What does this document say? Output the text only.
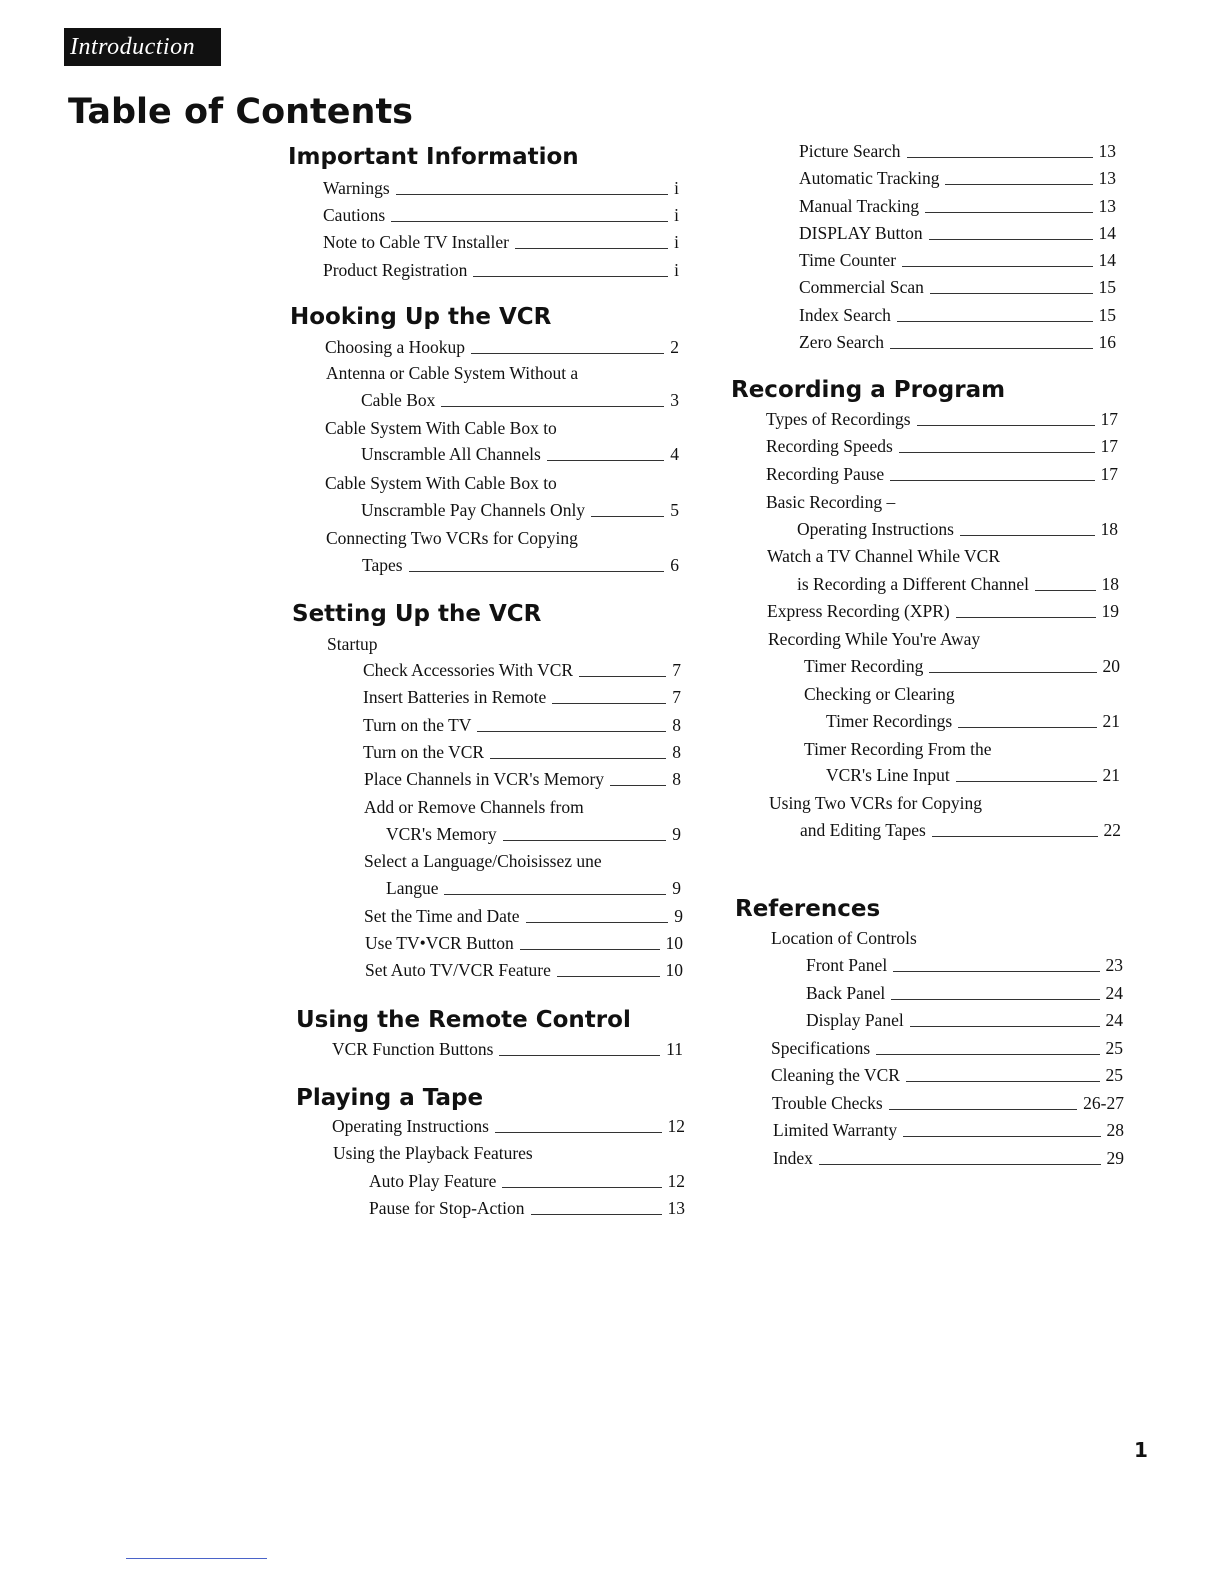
Introduction
Table of Contents
Important Information
Warnings	i
Cautions	i
Note to Cable TV Installer	i
Product Registration	i
Hooking Up the VCR
Choosing a Hookup	2
Antenna or Cable System Without a
Cable Box	3
Cable System With Cable Box to
Unscramble All Channels	4
Cable System With Cable Box to
Unscramble Pay Channels Only	5
Connecting Two VCRs for Copying
Tapes	6
Setting Up the VCR
Startup
Check Accessories With VCR	7
Insert Batteries in Remote	7
Turn on the TV	8
Turn on the VCR	8
Place Channels in VCR's Memory	8
Add or Remove Channels from
VCR's Memory	9
Select a Language/Choisissez une
Langue	9
Set the Time and Date	9
Use TV•VCR Button	10
Set Auto TV/VCR Feature	10
Using the Remote Control
VCR Function Buttons	11
Playing a Tape
Operating Instructions	12
Using the Playback Features
Auto Play Feature	12
Pause for Stop-Action	13
Picture Search	13
Automatic Tracking	13
Manual Tracking	13
DISPLAY Button	14
Time Counter	14
Commercial Scan	15
Index Search	15
Zero Search	16
Recording a Program
Types of Recordings	17
Recording Speeds	17
Recording Pause	17
Basic Recording –
Operating Instructions	18
Watch a TV Channel While VCR
is Recording a Different Channel	18
Express Recording (XPR)	19
Recording While You're Away
Timer Recording	20
Checking or Clearing
Timer Recordings	21
Timer Recording From the
VCR's Line Input	21
Using Two VCRs for Copying
and Editing Tapes	22
References
Location of Controls
Front Panel	23
Back Panel	24
Display Panel	24
Specifications	25
Cleaning the VCR	25
Trouble Checks	26-27
Limited Warranty	28
Index	29
1
